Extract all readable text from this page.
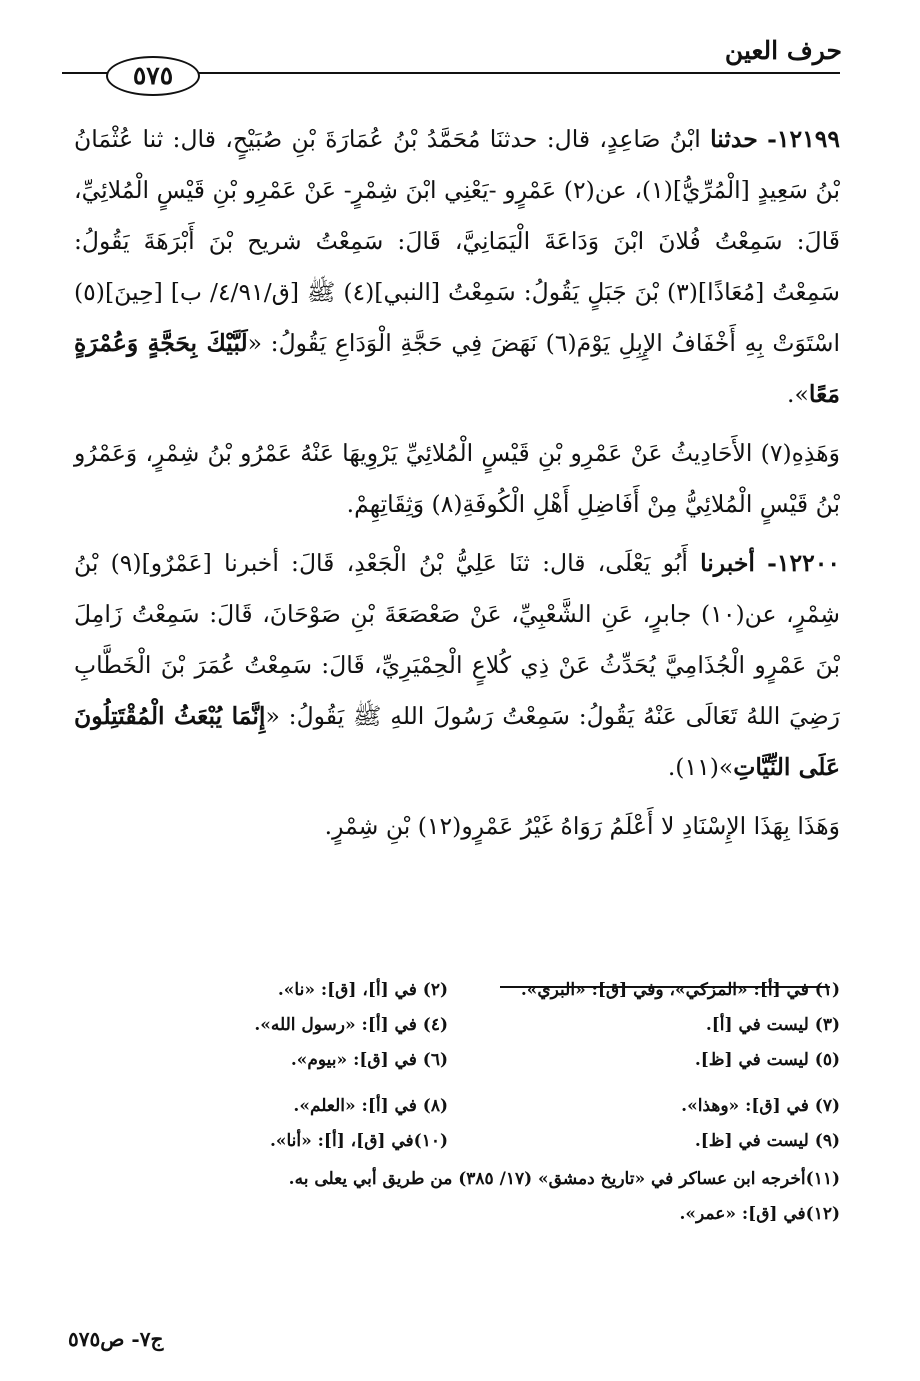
حرف العين
٥٧٥

١٢١٩٩- حدثنا ابْنُ صَاعِدٍ، قال: حدثنَا مُحَمَّدُ بْنُ عُمَارَةَ بْنِ صُبَيْحٍ، قال: ثنا عُثْمَانُ بْنُ سَعِيدٍ [الْمُرِّيُّ](١)، عن(٢) عَمْرٍو -يَعْنِي ابْنَ شِمْرٍ- عَنْ عَمْرِو بْنِ قَيْسٍ الْمُلائِيِّ، قَالَ: سَمِعْتُ فُلانَ ابْنَ وَدَاعَةَ الْيَمَانِيَّ، قَالَ: سَمِعْتُ شريح بْنَ أَبْرَهَةَ يَقُولُ: سَمِعْتُ [مُعَاذًا](٣) بْنَ جَبَلٍ يَقُولُ: سَمِعْتُ [النبي](٤) ﷺ [ق/٤/٩١/ ب] [حِينَ](٥) اسْتَوَتْ بِهِ أَخْفَافُ الإِبِلِ يَوْمَ(٦) نَهَضَ فِي حَجَّةِ الْوَدَاعِ يَقُولُ: «لَبَّيْكَ بِحَجَّةٍ وَعُمْرَةٍ مَعًا».

وَهَذِهِ(٧) الأَحَادِيثُ عَنْ عَمْرِو بْنِ قَيْسٍ الْمُلائِيِّ يَرْوِيهَا عَنْهُ عَمْرُو بْنُ شِمْرٍ، وَعَمْرُو بْنُ قَيْسٍ الْمُلائِيُّ مِنْ أَفَاضِلِ أَهْلِ الْكُوفَةِ(٨) وَثِقَاتِهِمْ.

١٢٢٠٠- أخبرنا أَبُو يَعْلَى، قال: ثنَا عَلِيُّ بْنُ الْجَعْدِ، قَالَ: أخبرنا [عَمْرٌو](٩) بْنُ شِمْرٍ، عن(١٠) جابرٍ، عَنِ الشَّعْبِيِّ، عَنْ صَعْصَعَةَ بْنِ صَوْحَانَ، قَالَ: سَمِعْتُ زَامِلَ بْنَ عَمْرٍو الْجُذَامِيَّ يُحَدِّثُ عَنْ ذِي كُلاعٍ الْحِمْيَرِيِّ، قَالَ: سَمِعْتُ عُمَرَ بْنَ الْخَطَّابِ رَضِيَ اللهُ تَعَالَى عَنْهُ يَقُولُ: سَمِعْتُ رَسُولَ اللهِ ﷺ يَقُولُ: «إِنَّمَا يُبْعَثُ الْمُقْتَتِلُونَ عَلَى النِّيَّاتِ»(١١).

وَهَذَا بِهَذَا الإِسْنَادِ لا أَعْلَمُ رَوَاهُ غَيْرُ عَمْرٍو(١٢) بْنِ شِمْرٍ.

(١) في [أ]: «المزكي»، وفي [ق]: «البري».
(٢) في [أ]، [ق]: «نا».
(٣) ليست في [أ].
(٤) في [أ]: «رسول الله».
(٥) ليست في [ظ].
(٦) في [ق]: «بيوم».
(٧) في [ق]: «وهذا».
(٨) في [أ]: «العلم».
(٩) ليست في [ظ].
(١٠)في [ق]، [أ]: «أنا».
(١١)أخرجه ابن عساكر في «تاريخ دمشق» (١٧/ ٣٨٥) من طريق أبي يعلى به.
(١٢)في [ق]: «عمر».
ج٧- ص٥٧٥
